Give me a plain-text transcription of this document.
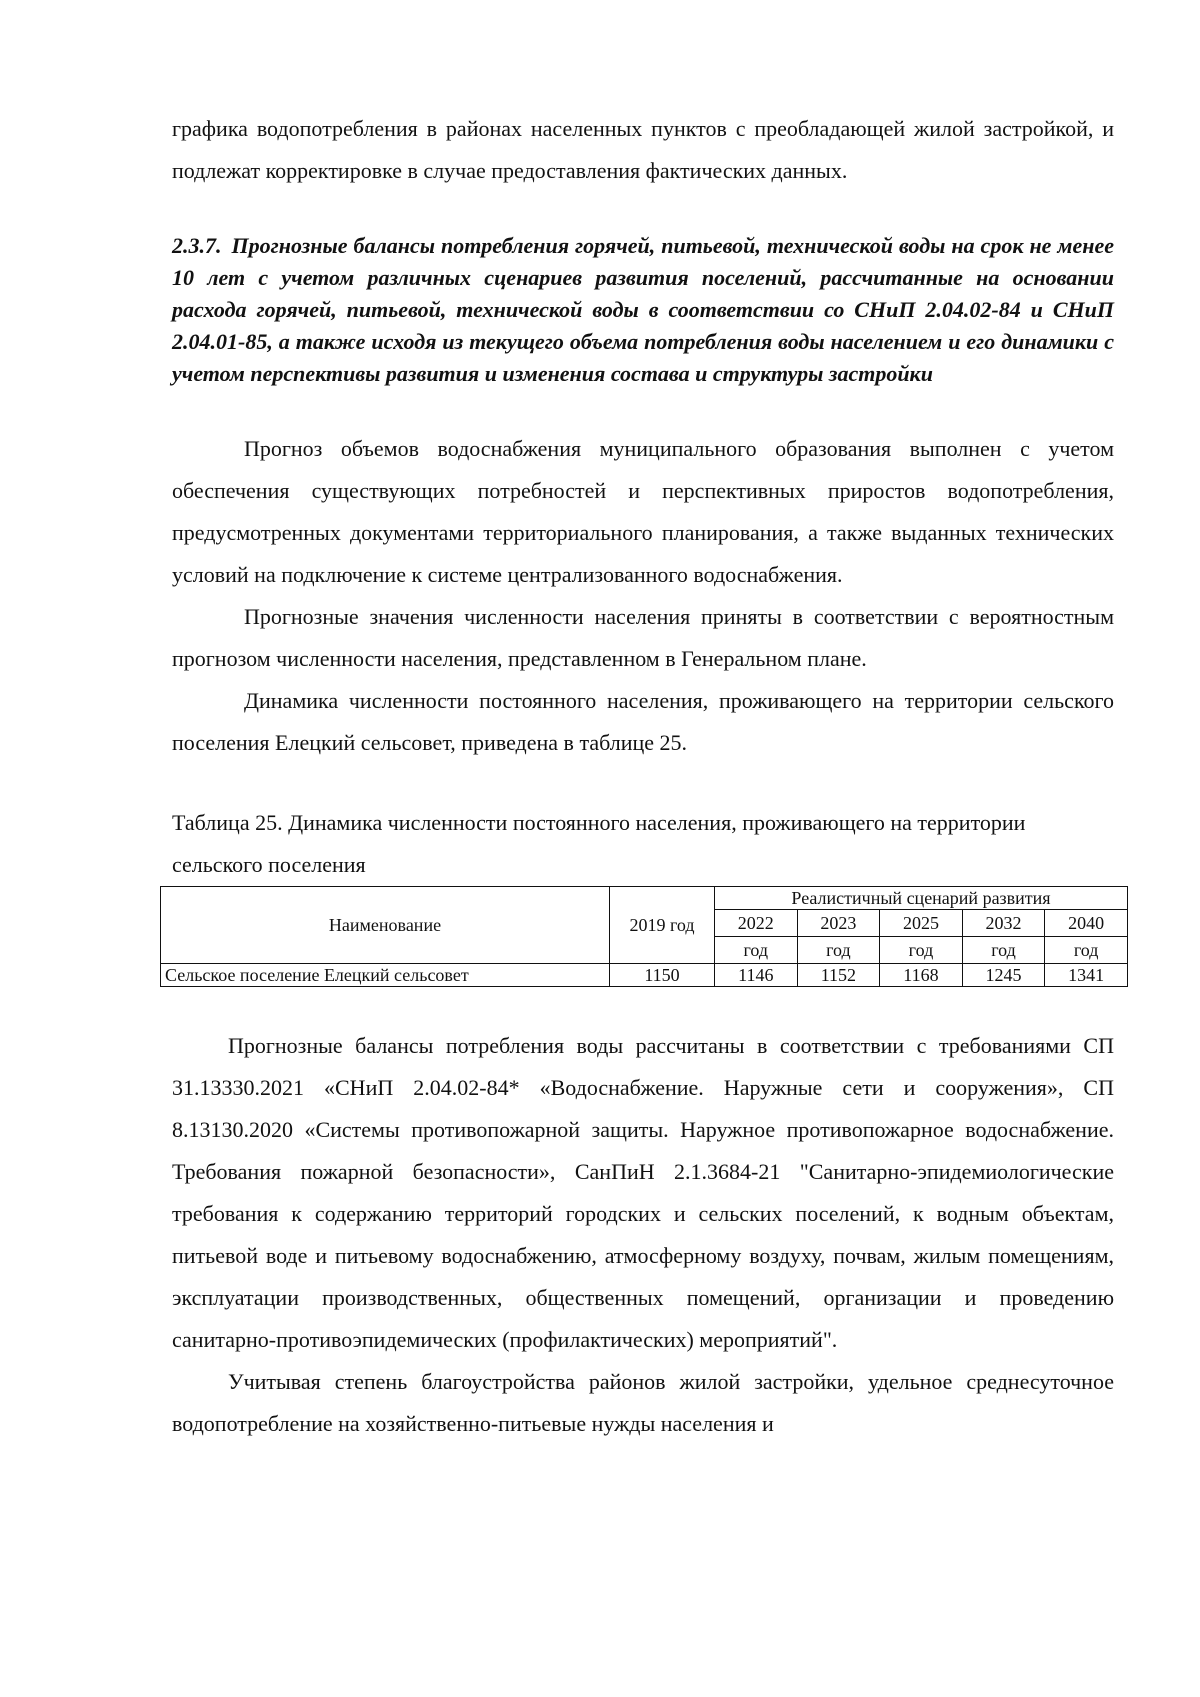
графика водопотребления в районах населенных пунктов с преобладающей жилой застройкой, и подлежат корректировке в случае предоставления фактических данных.

2.3.7. Прогнозные балансы потребления горячей, питьевой, технической воды на срок не менее 10 лет с учетом различных сценариев развития поселений, рассчитанные на основании расхода горячей, питьевой, технической воды в соответствии со СНиП 2.04.02-84 и СНиП 2.04.01-85, а также исходя из текущего объема потребления воды населением и его динамики с учетом перспективы развития и изменения состава и структуры застройки

Прогноз объемов водоснабжения муниципального образования выполнен с учетом обеспечения существующих потребностей и перспективных приростов водопотребления, предусмотренных документами территориального планирования, а также выданных технических условий на подключение к системе централизованного водоснабжения.

Прогнозные значения численности населения приняты в соответствии с вероятностным прогнозом численности населения, представленном в Генеральном плане.

Динамика численности постоянного населения, проживающего на территории сельского поселения Елецкий сельсовет, приведена в таблице 25.

Таблица 25. Динамика численности постоянного населения, проживающего на территории сельского поселения

Наименование	2019 год	Реалистичный сценарий развития				
		2022	2023	2025	2032	2040
		год	год	год	год	год
Сельское поселение Елецкий сельсовет	1150	1146	1152	1168	1245	1341

Прогнозные балансы потребления воды рассчитаны в соответствии с требованиями СП 31.13330.2021 «СНиП 2.04.02-84* «Водоснабжение. Наружные сети и сооружения», СП 8.13130.2020 «Системы противопожарной защиты. Наружное противопожарное водоснабжение. Требования пожарной безопасности», СанПиН 2.1.3684-21 "Санитарно-эпидемиологические требования к содержанию территорий городских и сельских поселений, к водным объектам, питьевой воде и питьевому водоснабжению, атмосферному воздуху, почвам, жилым помещениям, эксплуатации производственных, общественных помещений, организации и проведению санитарно-противоэпидемических (профилактических) мероприятий".

Учитывая степень благоустройства районов жилой застройки, удельное среднесуточное водопотребление на хозяйственно-питьевые нужды населения и
